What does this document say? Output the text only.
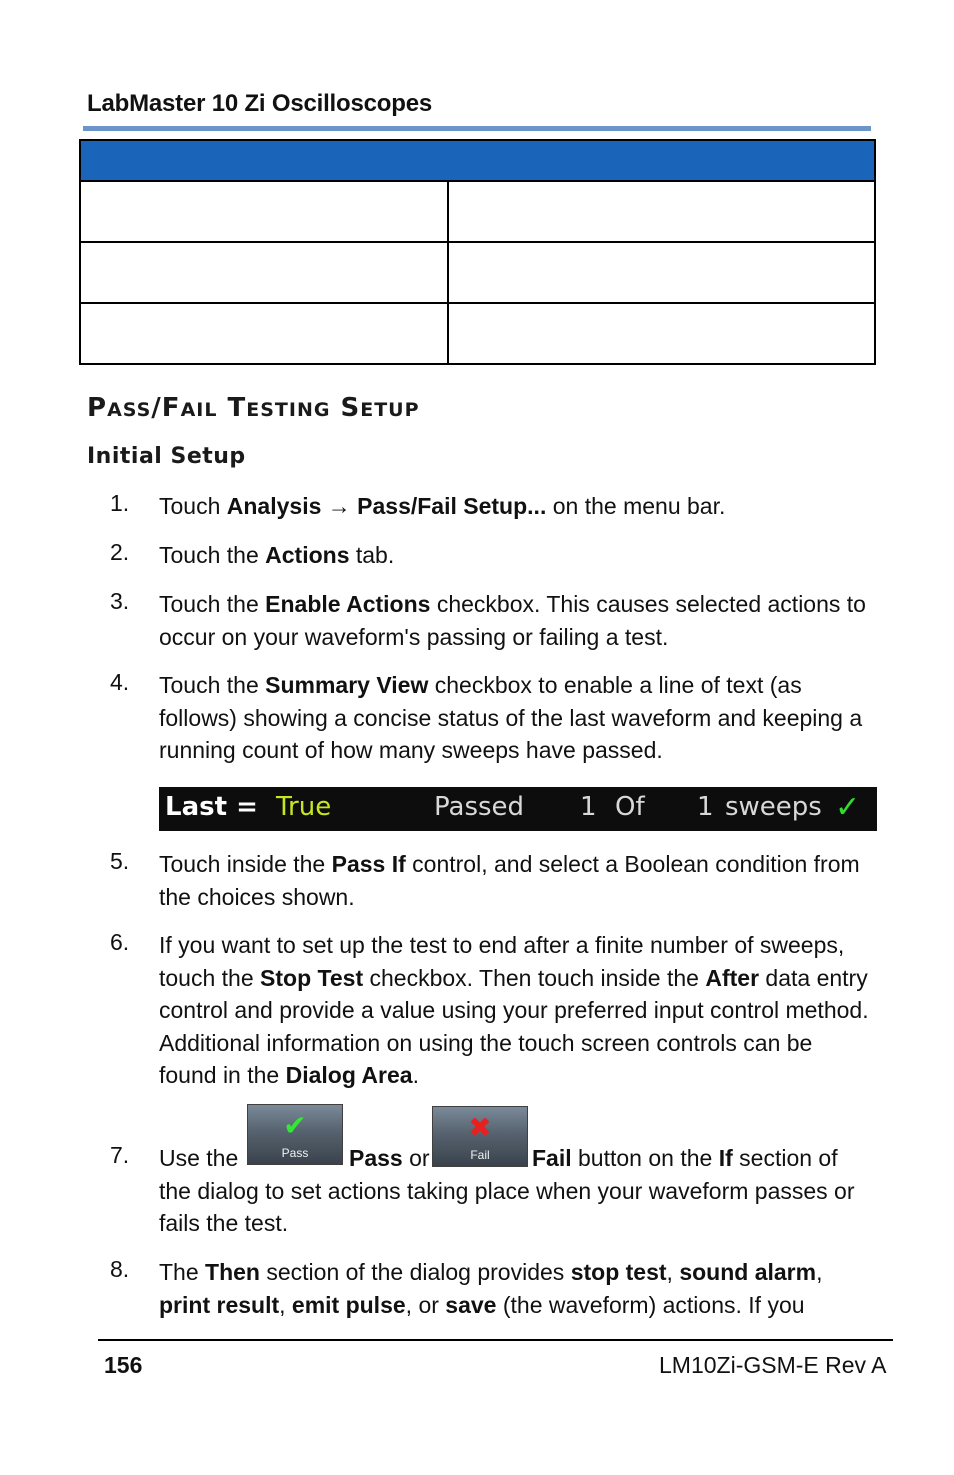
LabMaster 10 Zi Oscilloscopes

PASS/FAIL TESTING SETUP
Initial Setup
1. Touch Analysis → Pass/Fail Setup... on the menu bar.
2. Touch the Actions tab.
3. Touch the Enable Actions checkbox. This causes selected actions to occur on your waveform's passing or failing a test.
4. Touch the Summary View checkbox to enable a line of text (as follows) showing a concise status of the last waveform and keeping a running count of how many sweeps have passed.
Last = True	Passed 1 Of 1 sweeps ✓
5. Touch inside the Pass If control, and select a Boolean condition from the choices shown.
6. If you want to set up the test to end after a finite number of sweeps, touch the Stop Test checkbox. Then touch inside the After data entry control and provide a value using your preferred input control method. Additional information on using the touch screen controls can be found in the Dialog Area.
7. Use the
✔
Pass	Pass or
✖
Fail	Fail button on the If section of
8. The Then section of the dialog provides stop test, sound alarm, print result, emit pulse, or save (the waveform) actions. If you
156	LM10Zi-GSM-E Rev A
the dialog to set actions taking place when your waveform passes or fails the test.
